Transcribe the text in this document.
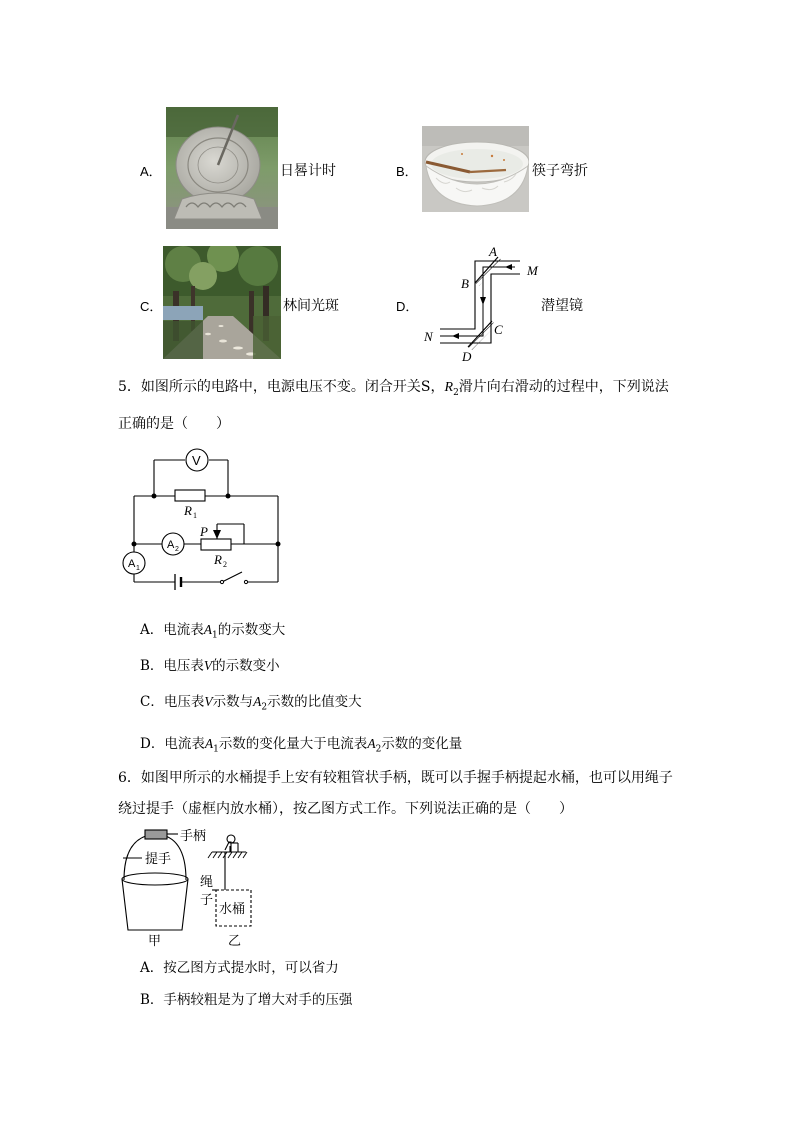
A．	日晷计时	B．	筷子弯折
C．	林间光斑	D．
A
B
M
C
N
D
潜望镜
5．如图所示的电路中，电源电压不变。闭合开关S，$R_2$滑片向右滑动的过程中，下列说法
正确的是（　　）
V
R 1
R 2
P
A 2
A 1
A．电流表$A_1$的示数变大
B．电压表V的示数变小
C．电压表V示数与$A_2$示数的比值变大
D．电流表$A_1$示数的变化量大于电流表$A_2$示数的变化量
6．如图甲所示的水桶提手上安有较粗管状手柄，既可以手握手柄提起水桶，也可以用绳子
绕过提手（虚框内放水桶），按乙图方式工作。下列说法正确的是（　　）
手柄
提手
绳
子
水桶
甲	乙
A．按乙图方式提水时，可以省力
B．手柄较粗是为了增大对手的压强
